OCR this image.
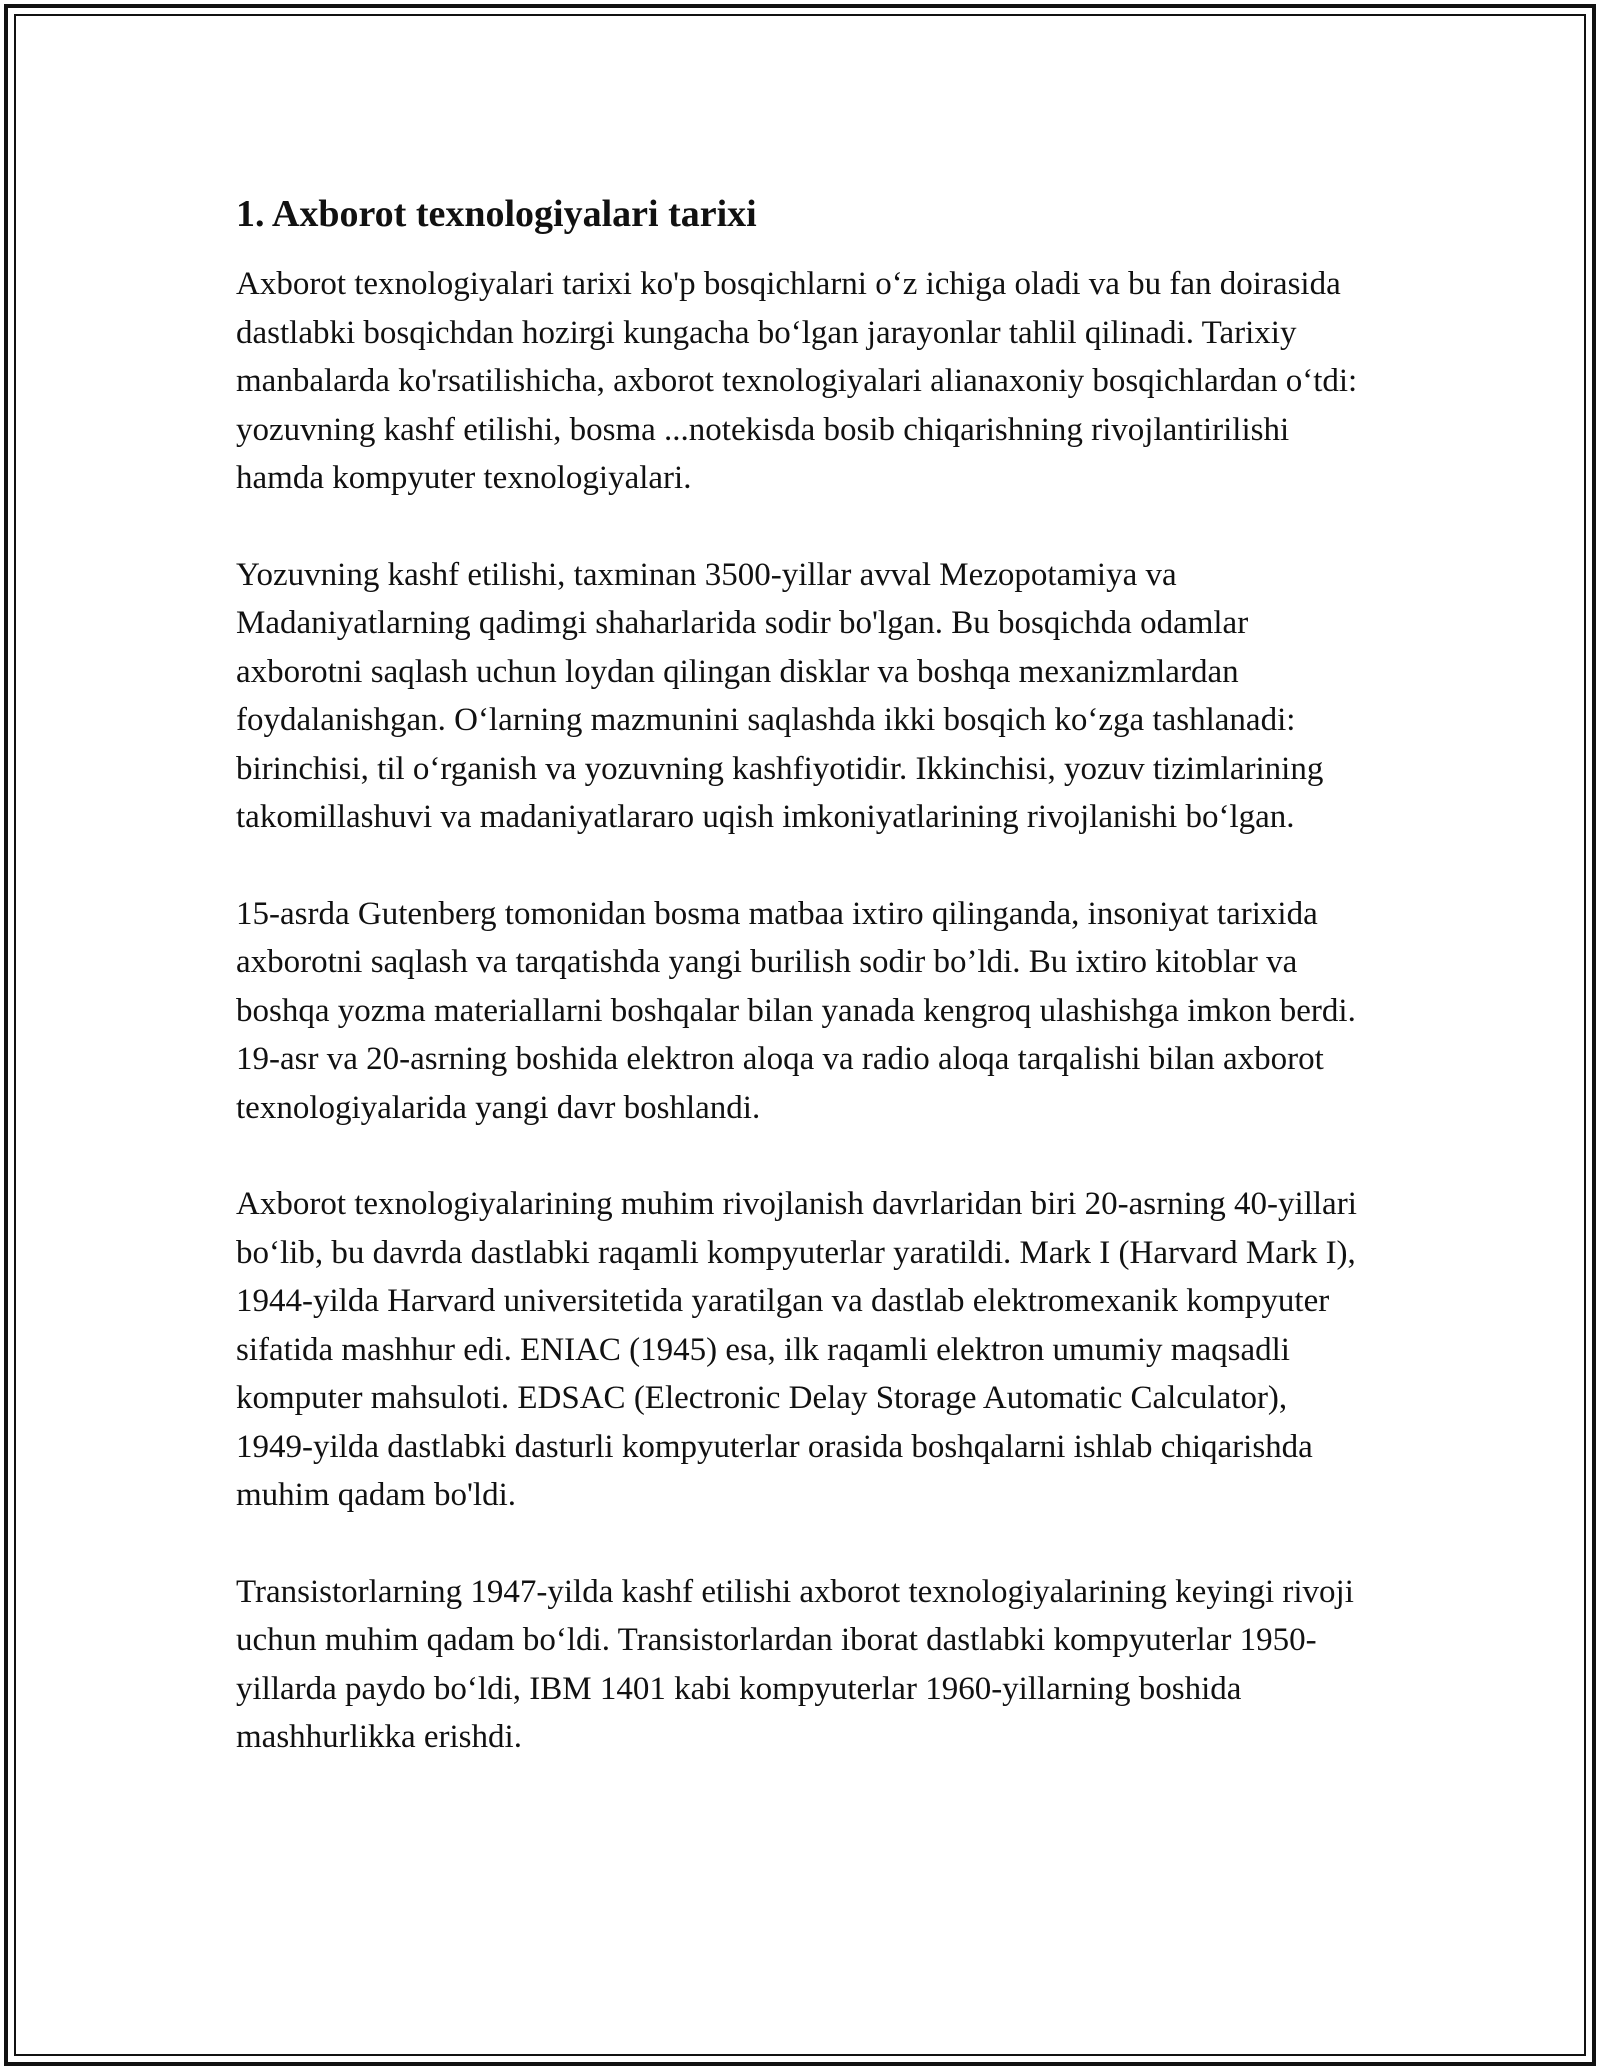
1. Axborot texnologiyalari tarixi

Axborot texnologiyalari tarixi ko'p bosqichlarni o‘z ichiga oladi va bu fan doirasida dastlabki bosqichdan hozirgi kungacha bo‘lgan jarayonlar tahlil qilinadi. Tarixiy manbalarda ko'rsatilishicha, axborot texnologiyalari alianaxoniy bosqichlardan o‘tdi: yozuvning kashf etilishi, bosma ...notekisda bosib chiqarishning rivojlantirilishi hamda kompyuter texnologiyalari.

Yozuvning kashf etilishi, taxminan 3500-yillar avval Mezopotamiya va Madaniyatlarning qadimgi shaharlarida sodir bo'lgan. Bu bosqichda odamlar axborotni saqlash uchun loydan qilingan disklar va boshqa mexanizmlardan foydalanishgan. O‘larning mazmunini saqlashda ikki bosqich ko‘zga tashlanadi: birinchisi, til o‘rganish va yozuvning kashfiyotidir. Ikkinchisi, yozuv tizimlarining takomillashuvi va madaniyatlararo uqish imkoniyatlarining rivojlanishi bo‘lgan.

15-asrda Gutenberg tomonidan bosma matbaa ixtiro qilinganda, insoniyat tarixida axborotni saqlash va tarqatishda yangi burilish sodir bo’ldi. Bu ixtiro kitoblar va boshqa yozma materiallarni boshqalar bilan yanada kengroq ulashishga imkon berdi. 19-asr va 20-asrning boshida elektron aloqa va radio aloqa tarqalishi bilan axborot texnologiyalarida yangi davr boshlandi.

Axborot texnologiyalarining muhim rivojlanish davrlaridan biri 20-asrning 40-yillari bo‘lib, bu davrda dastlabki raqamli kompyuterlar yaratildi. Mark I (Harvard Mark I), 1944-yilda Harvard universitetida yaratilgan va dastlab elektromexanik kompyuter sifatida mashhur edi. ENIAC (1945) esa, ilk raqamli elektron umumiy maqsadli komputer mahsuloti. EDSAC (Electronic Delay Storage Automatic Calculator), 1949-yilda dastlabki dasturli kompyuterlar orasida boshqalarni ishlab chiqarishda muhim qadam bo'ldi.

Transistorlarning 1947-yilda kashf etilishi axborot texnologiyalarining keyingi rivoji uchun muhim qadam bo‘ldi. Transistorlardan iborat dastlabki kompyuterlar 1950-yillarda paydo bo‘ldi, IBM 1401 kabi kompyuterlar 1960-yillarning boshida mashhurlikka erishdi.
